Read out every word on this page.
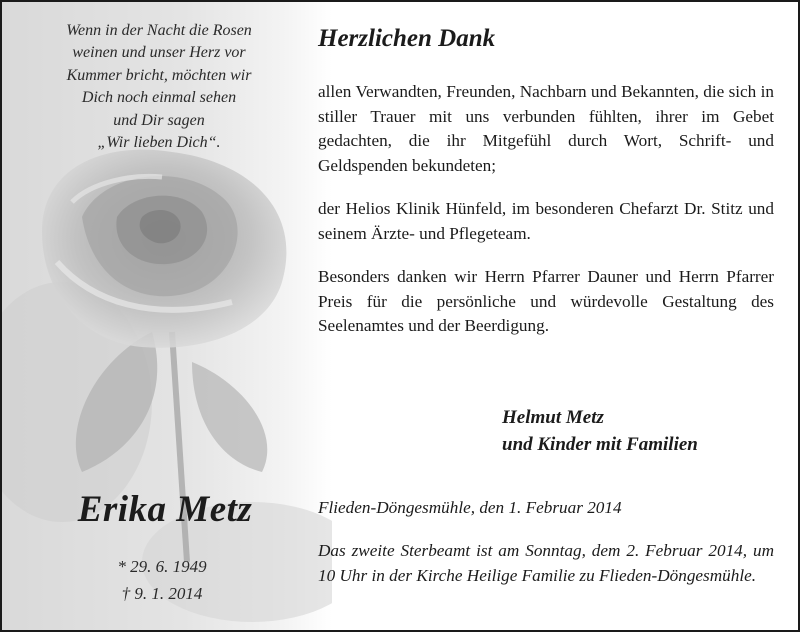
Wenn in der Nacht die Rosen
weinen und unser Herz vor
Kummer bricht, möchten wir
Dich noch einmal sehen
und Dir sagen
„Wir lieben Dich“.
Erika Metz
* 29. 6. 1949
† 9. 1. 2014
Herzlichen Dank

allen Verwandten, Freunden, Nachbarn und Bekannten, die sich in stiller Trauer mit uns verbunden fühlten, ihrer im Gebet gedachten, die ihr Mitgefühl durch Wort, Schrift- und Geldspenden bekundeten;

der Helios Klinik Hünfeld, im besonderen Chefarzt Dr. Stitz und seinem Ärzte- und Pflegeteam.

Besonders danken wir Herrn Pfarrer Dauner und Herrn Pfarrer Preis für die persönliche und würdevolle Gestaltung des Seelenamtes und der Beerdigung.

Helmut Metz
und Kinder mit Familien
Flieden-Döngesmühle, den 1. Februar 2014
Das zweite Sterbeamt ist am Sonntag, dem 2. Februar 2014, um 10 Uhr in der Kirche Heilige Familie zu Flieden-Döngesmühle.
